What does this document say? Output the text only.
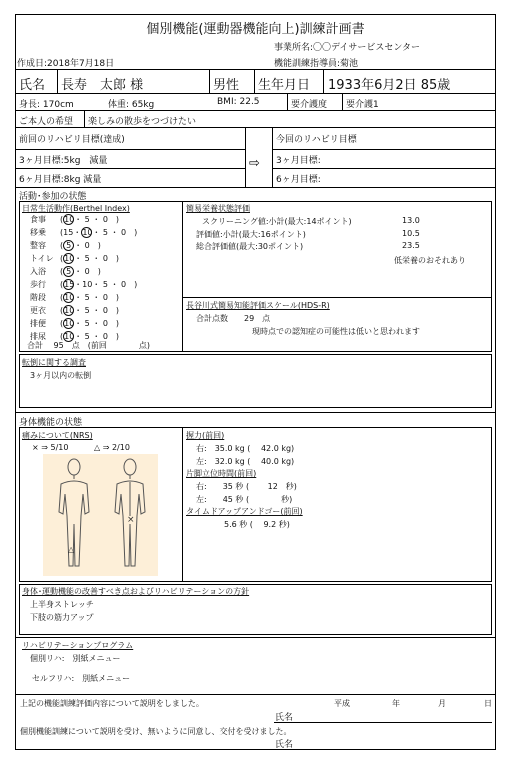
個別機能(運動器機能向上)訓練計画書
事業所名:〇〇デイサービスセンター
作成日:2018年7月18日	機能訓練指導員:菊池
氏名 長寿　太郎 様	男性 生年月日 1933年6月2日 85歳
身長: 170cm	体重: 65kg	BMI: 22.5	要介護度 要介護1
ご本人の希望 楽しみの散歩をつづけたい
前回のリハビリ目標(達成)	今回のリハビリ目標
3ヶ月目標:5kg　減量	⇨ 3ヶ月目標:
6ヶ月目標:8kg 減量	6ヶ月目標:
活動･参加の状態
日常生活動作(Berthel Index)
食事 (10・ 5 ・ 0　)
移乗 (15・10・ 5 ・ 0　)
整容 ( 5 ・ 0　)
トイレ (10・ 5 ・ 0　)
入浴 ( 5 ・ 0　)
歩行 (15・10・ 5 ・ 0　)
階段 (10・ 5 ・ 0　)
更衣 (10・ 5 ・ 0　)
排便 (10・ 5 ・ 0　)
排尿 (10・ 5 ・ 0　)
合計　 95　点　(前回　　　　点)
簡易栄養状態評価
スクリーニング値:小計(最大:14ポイント)	13.0
評価値:小計(最大:16ポイント)	10.5
総合評価値(最大:30ポイント)	23.5
低栄養のおそれあり
長谷川式簡易知能評価スケール(HDS-R)
合計点数　　29　点
現時点での認知症の可能性は低いと思われます
転倒に関する調査
3ヶ月以内の転倒
身体機能の状態
痛みについて(NRS)
× ⇒ 5/10	△ ⇒ 2/10
×
△
握力(前回)
右:　35.0 kg (　 42.0 kg)
左:　32.0 kg (　 40.0 kg)
片脚立位時間(前回)
右:　　35 秒 (　　 12　秒)
左:　　45 秒 (　　　　秒)
タイムドアップアンドゴー(前回)
5.6 秒 (　 9.2 秒)
身体･運動機能の改善すべき点およびリハビリテーションの方針
上半身ストレッチ
下肢の筋力アップ
リハビリテーションプログラム
個別リハ:　別紙メニュー
セルフリハ:　別紙メニュー
上記の機能訓練評価内容について説明をしました。	平成	年	月	日
氏名
個別機能訓練について説明を受け、無いように同意し、交付を受けました。
氏名
